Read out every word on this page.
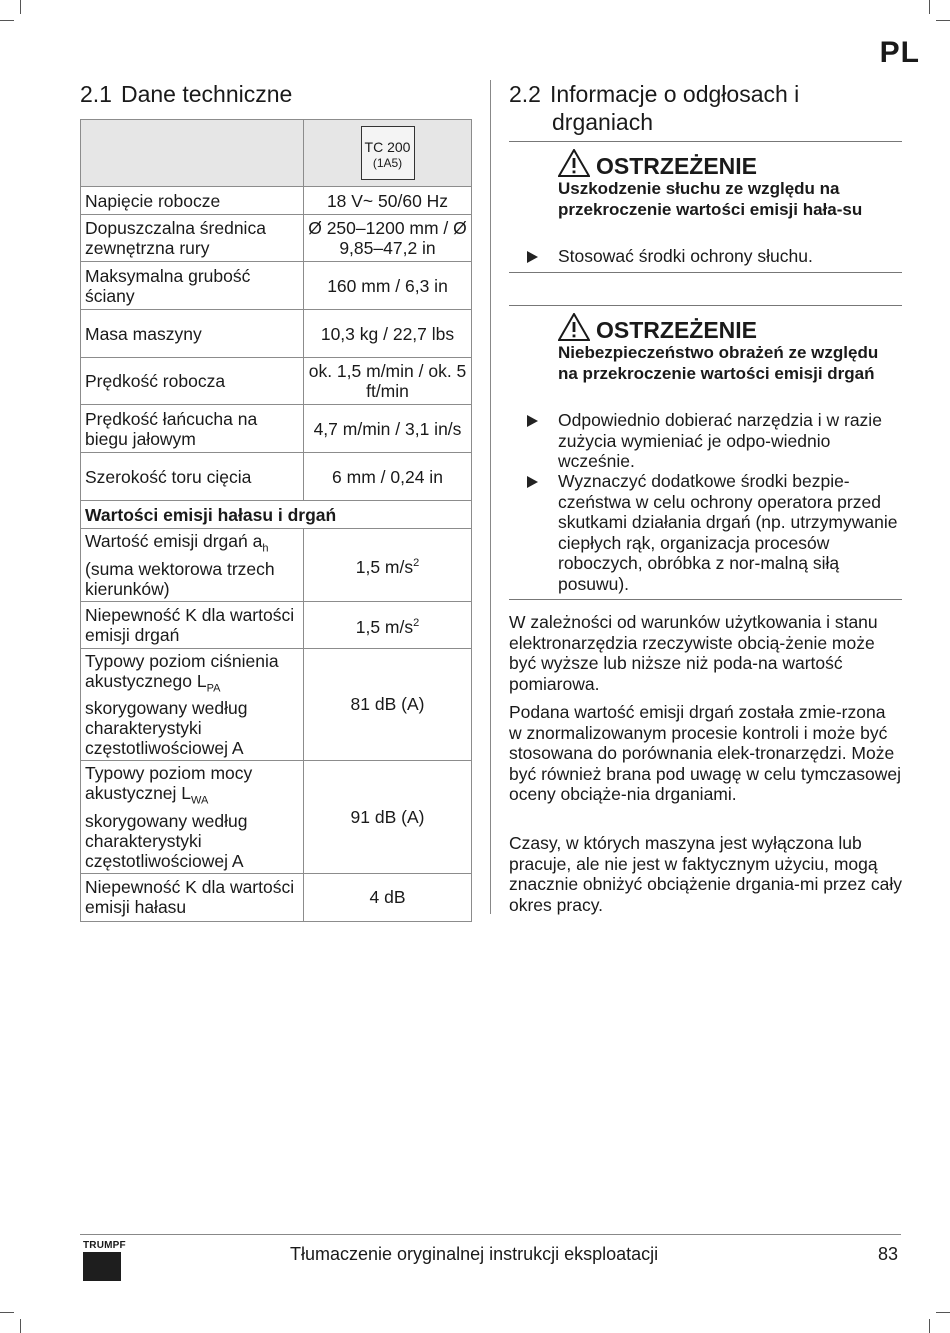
PL
2.1 Dane techniczne

	TC 200
(1A5)

Napięcie robocze	18 V~ 50/60 Hz
Dopuszczalna średnica zewnętrzna rury	Ø 250–1200 mm / Ø 9,85–47,2 in
Maksymalna grubość ściany	160 mm / 6,3 in
Masa maszyny	10,3 kg / 22,7 lbs
Prędkość robocza	ok. 1,5 m/min / ok. 5 ft/min
Prędkość łańcucha na biegu jałowym	4,7 m/min / 3,1 in/s
Szerokość toru cięcia	6 mm / 0,24 in
Wartości emisji hałasu i drgań	
Wartość emisji drgań $a_h$ (suma wektorowa trzech kierunków)	1,5 $m/s^2$
Niepewność K dla wartości emisji drgań	1,5 $m/s^2$
Typowy poziom ciśnienia akustycznego $L_{PA}$ skorygowany według charakterystyki częstotliwościowej A	81 dB (A)
Typowy poziom mocy akustycznej $L_{WA}$ skorygowany według charakterystyki częstotliwościowej A	91 dB (A)
Niepewność K dla wartości emisji hałasu	4 dB
2.2 Informacje o odgłosach i
drganiach
OSTRZEŻENIE
Uszkodzenie słuchu ze względu na przekroczenie wartości emisji hała-su
Stosować środki ochrony słuchu.
OSTRZEŻENIE
Niebezpieczeństwo obrażeń ze względu na przekroczenie wartości emisji drgań
Odpowiednio dobierać narzędzia i w razie zużycia wymieniać je odpo-wiednio wcześnie.
Wyznaczyć dodatkowe środki bezpie-czeństwa w celu ochrony operatora przed skutkami działania drgań (np. utrzymywanie ciepłych rąk, organizacja procesów roboczych, obróbka z nor-malną siłą posuwu).
W zależności od warunków użytkowania i stanu elektronarzędzia rzeczywiste obcią-żenie może być wyższe lub niższe niż poda-na wartość pomiarowa.
Podana wartość emisji drgań została zmie-rzona w znormalizowanym procesie kontroli i może być stosowana do porównania elek-tronarzędzi. Może być również brana pod uwagę w celu tymczasowej oceny obciąże-nia drganiami.
Czasy, w których maszyna jest wyłączona lub pracuje, ale nie jest w faktycznym użyciu, mogą znacznie obniżyć obciążenie drgania-mi przez cały okres pracy.
TRUMPF	Tłumaczenie oryginalnej instrukcji eksploatacji	83
